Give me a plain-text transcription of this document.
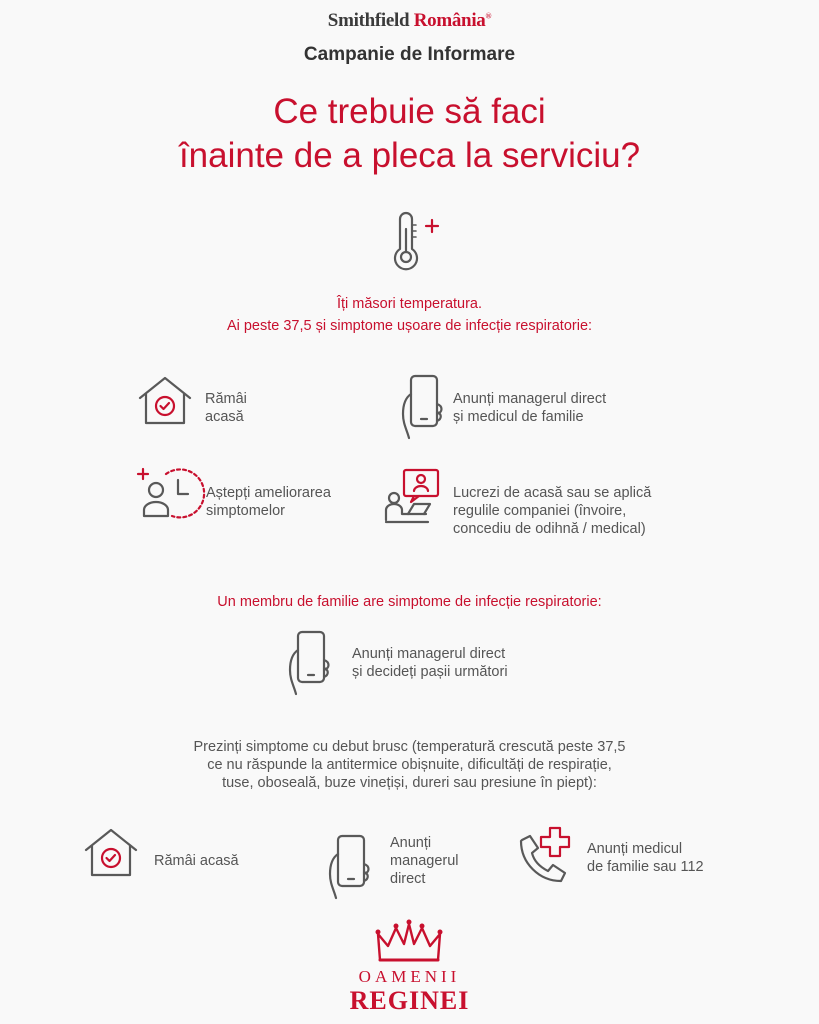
Smithfield România®
Campanie de Informare
Ce trebuie să faci
înainte de a pleca la serviciu?
Îți măsori temperatura.
Ai peste 37,5 și simptome ușoare de infecție respiratorie:
Rămâi
acasă
Anunți managerul direct
și medicul de familie
Aștepți ameliorarea
simptomelor
Lucrezi de acasă sau se aplică
regulile companiei (învoire,
concediu de odihnă / medical)
Un membru de familie are simptome de infecție respiratorie:
Anunți managerul direct
și decideți pașii următori
Prezinți simptome cu debut brusc (temperatură crescută peste 37,5
ce nu răspunde la antitermice obișnuite, dificultăți de respirație,
tuse, oboseală, buze vinețiși, dureri sau presiune în piept):
Rămâi acasă
Anunți
managerul
direct
Anunți medicul
de familie sau 112
OAMENII
REGINEI
